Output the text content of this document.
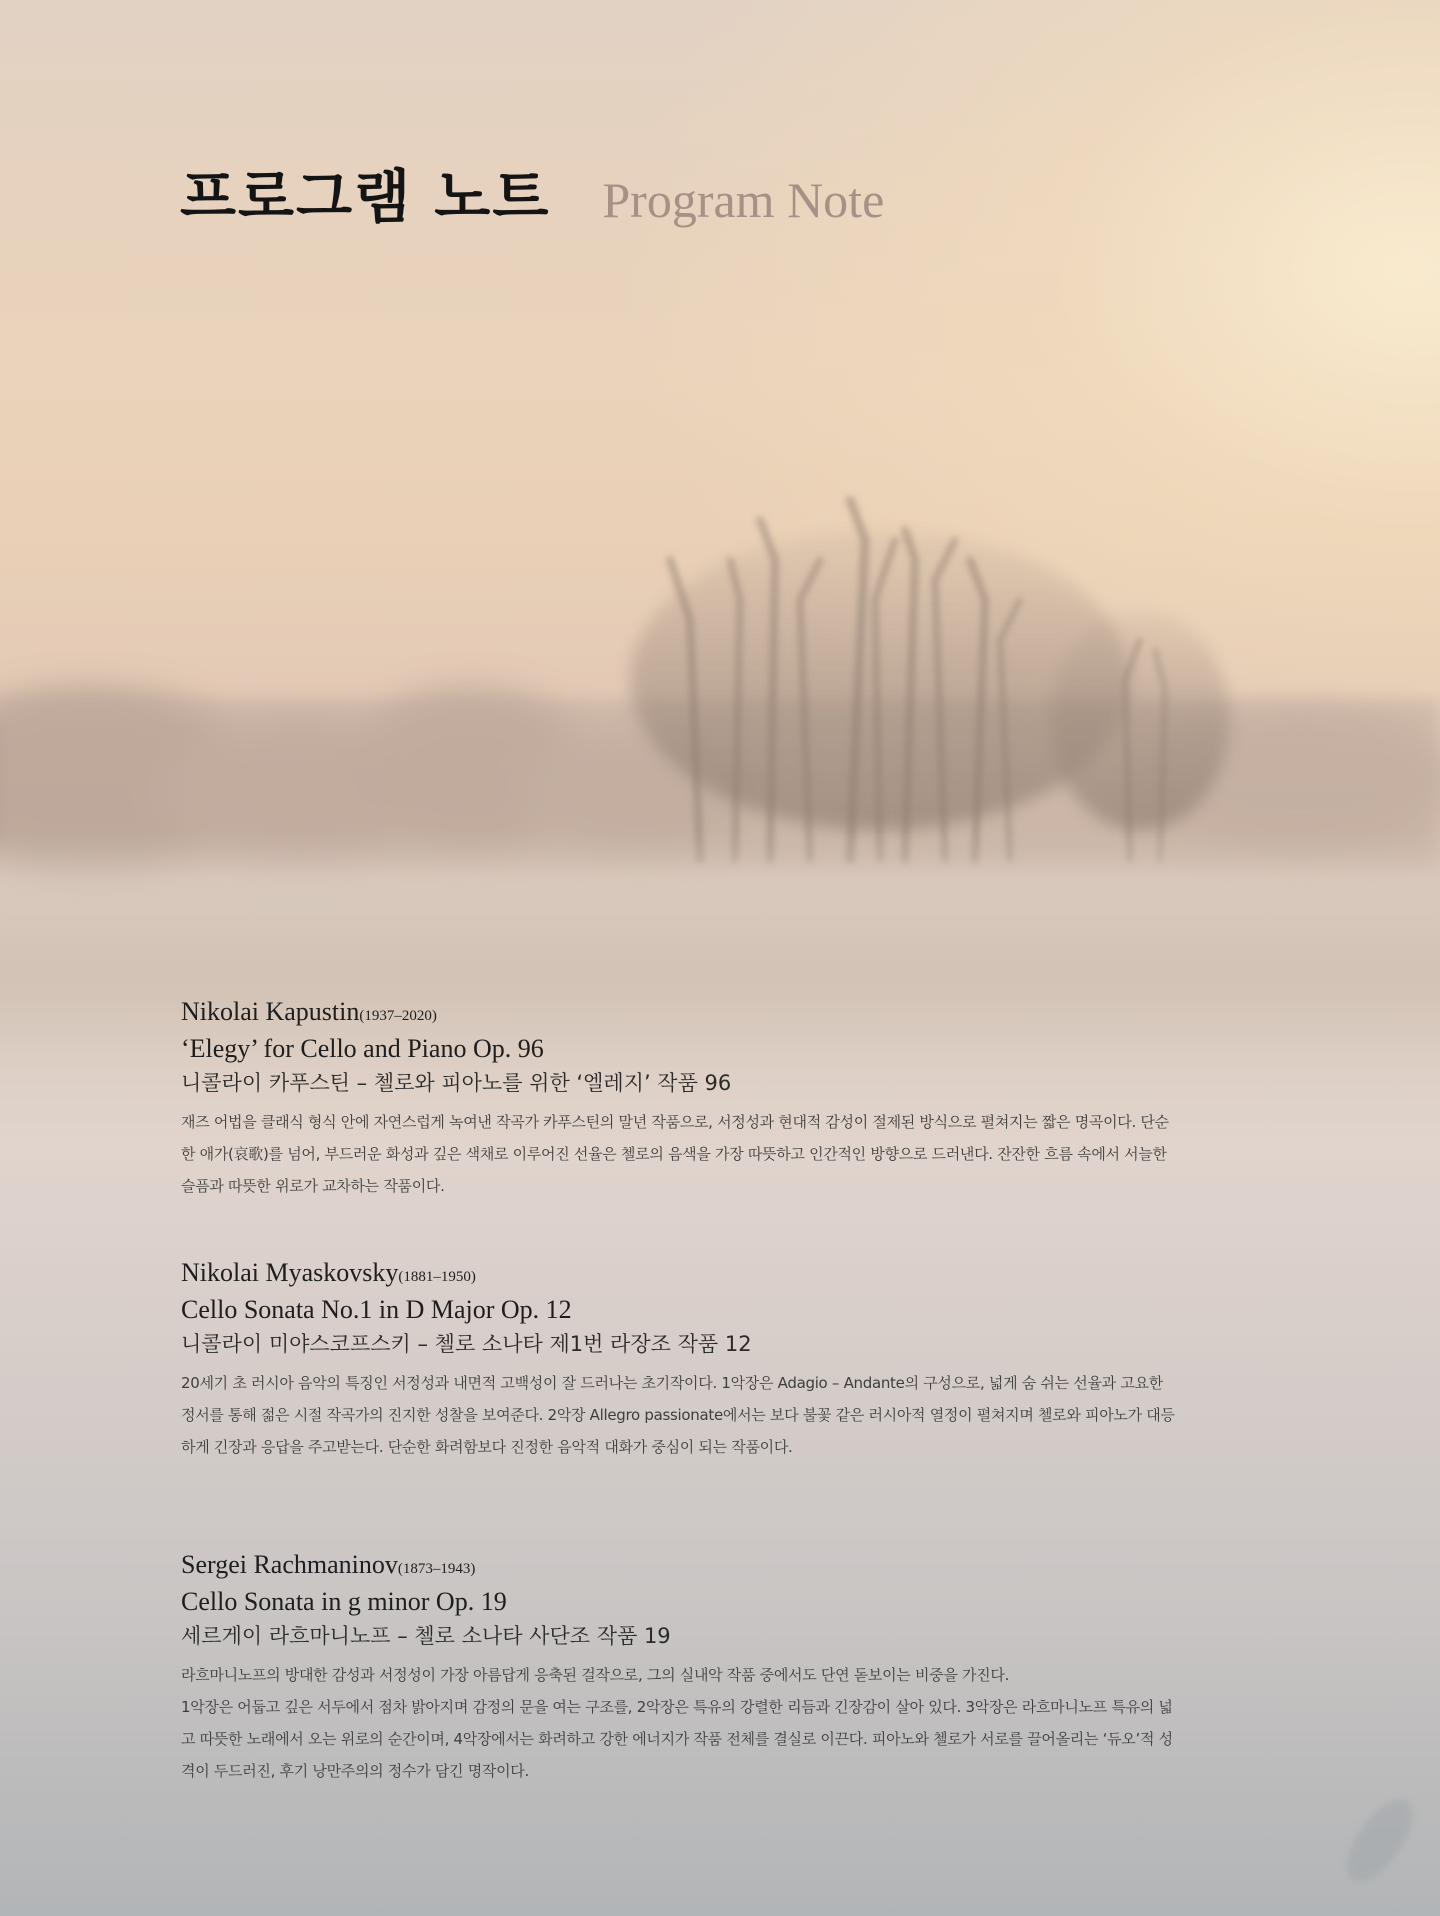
프로그램 노트 Program Note
Nikolai Kapustin(1937–2020)
‘Elegy’ for Cello and Piano Op. 96
니콜라이 카푸스틴 – 첼로와 피아노를 위한 ‘엘레지’ 작품 96

재즈 어법을 클래식 형식 안에 자연스럽게 녹여낸 작곡가 카푸스틴의 말년 작품으로, 서정성과 현대적 감성이 절제된 방식으로 펼쳐지는 짧은 명곡이다. 단순한 애가(哀歌)를 넘어, 부드러운 화성과 깊은 색채로 이루어진 선율은 첼로의 음색을 가장 따뜻하고 인간적인 방향으로 드러낸다. 잔잔한 흐름 속에서 서늘한 슬픔과 따뜻한 위로가 교차하는 작품이다.

Nikolai Myaskovsky(1881–1950)
Cello Sonata No.1 in D Major Op. 12
니콜라이 미야스코프스키 – 첼로 소나타 제1번 라장조 작품 12

20세기 초 러시아 음악의 특징인 서정성과 내면적 고백성이 잘 드러나는 초기작이다. 1악장은 Adagio – Andante의 구성으로, 넓게 숨 쉬는 선율과 고요한 정서를 통해 젊은 시절 작곡가의 진지한 성찰을 보여준다. 2악장 Allegro passionate에서는 보다 불꽃 같은 러시아적 열정이 펼쳐지며 첼로와 피아노가 대등하게 긴장과 응답을 주고받는다. 단순한 화려함보다 진정한 음악적 대화가 중심이 되는 작품이다.

Sergei Rachmaninov(1873–1943)
Cello Sonata in g minor Op. 19
세르게이 라흐마니노프 – 첼로 소나타 사단조 작품 19

라흐마니노프의 방대한 감성과 서정성이 가장 아름답게 응축된 걸작으로, 그의 실내악 작품 중에서도 단연 돋보이는 비중을 가진다.

1악장은 어둡고 깊은 서두에서 점차 밝아지며 감정의 문을 여는 구조를, 2악장은 특유의 강렬한 리듬과 긴장감이 살아 있다. 3악장은 라흐마니노프 특유의 넓고 따뜻한 노래에서 오는 위로의 순간이며, 4악장에서는 화려하고 강한 에너지가 작품 전체를 결실로 이끈다. 피아노와 첼로가 서로를 끌어올리는 ‘듀오’적 성격이 두드러진, 후기 낭만주의의 정수가 담긴 명작이다.
